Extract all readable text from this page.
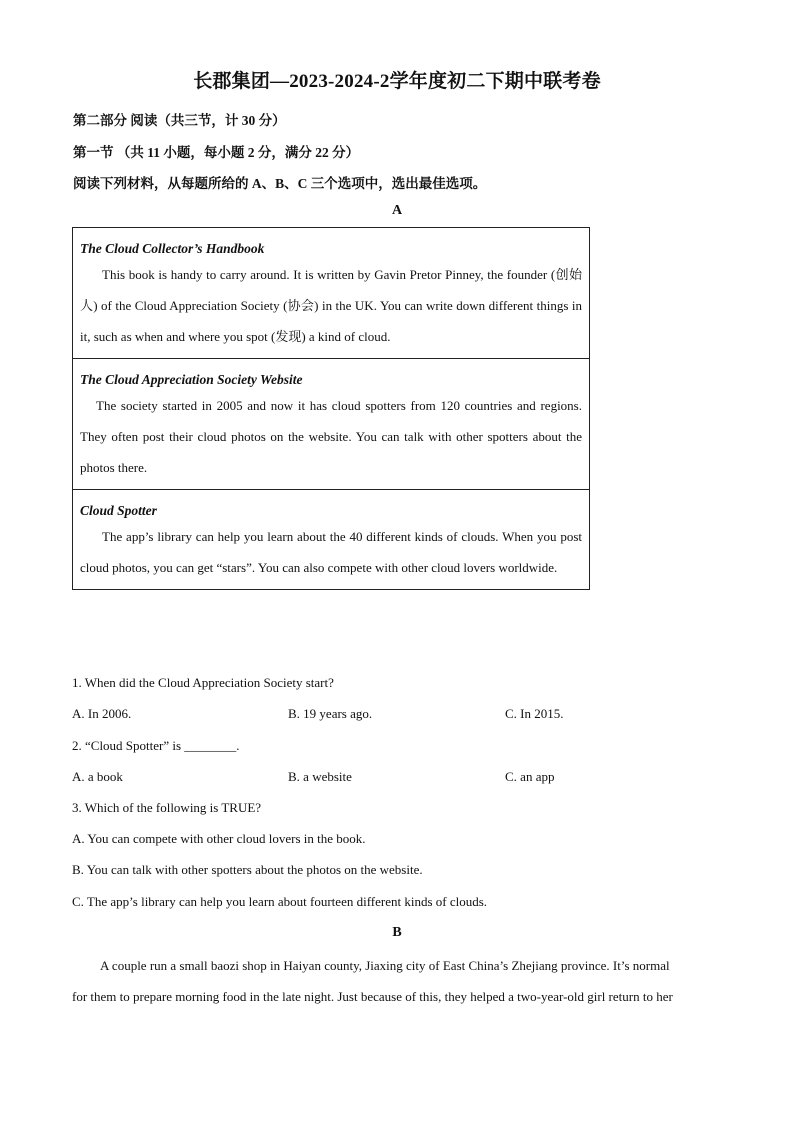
长郡集团—2023-2024-2学年度初二下期中联考卷
第二部分 阅读（共三节，计 30 分）
第一节 （共 11 小题，每小题 2 分，满分 22 分）
阅读下列材料，从每题所给的 A、B、C 三个选项中，选出最佳选项。
A
The Cloud Collector’s Handbook
This book is handy to carry around. It is written by Gavin Pretor Pinney, the founder (创始人) of the Cloud Appreciation Society (协会) in the UK. You can write down different things in it, such as when and where you spot (发现) a kind of cloud.
The Cloud Appreciation Society Website
The society started in 2005 and now it has cloud spotters from 120 countries and regions. They often post their cloud photos on the website. You can talk with other spotters about the photos there.
Cloud Spotter
The app’s library can help you learn about the 40 different kinds of clouds. When you post cloud photos, you can get “stars”. You can also compete with other cloud lovers worldwide.
1. When did the Cloud Appreciation Society start?
A. In 2006.	B. 19 years ago.	C. In 2015.
2. “Cloud Spotter” is ________.
A. a book	B. a website	C. an app
3. Which of the following is TRUE?
A. You can compete with other cloud lovers in the book.
B. You can talk with other spotters about the photos on the website.
C. The app’s library can help you learn about fourteen different kinds of clouds.
B
A couple run a small baozi shop in Haiyan county, Jiaxing city of East China’s Zhejiang province. It’s normal
for them to prepare morning food in the late night. Just because of this, they helped a two-year-old girl return to her
